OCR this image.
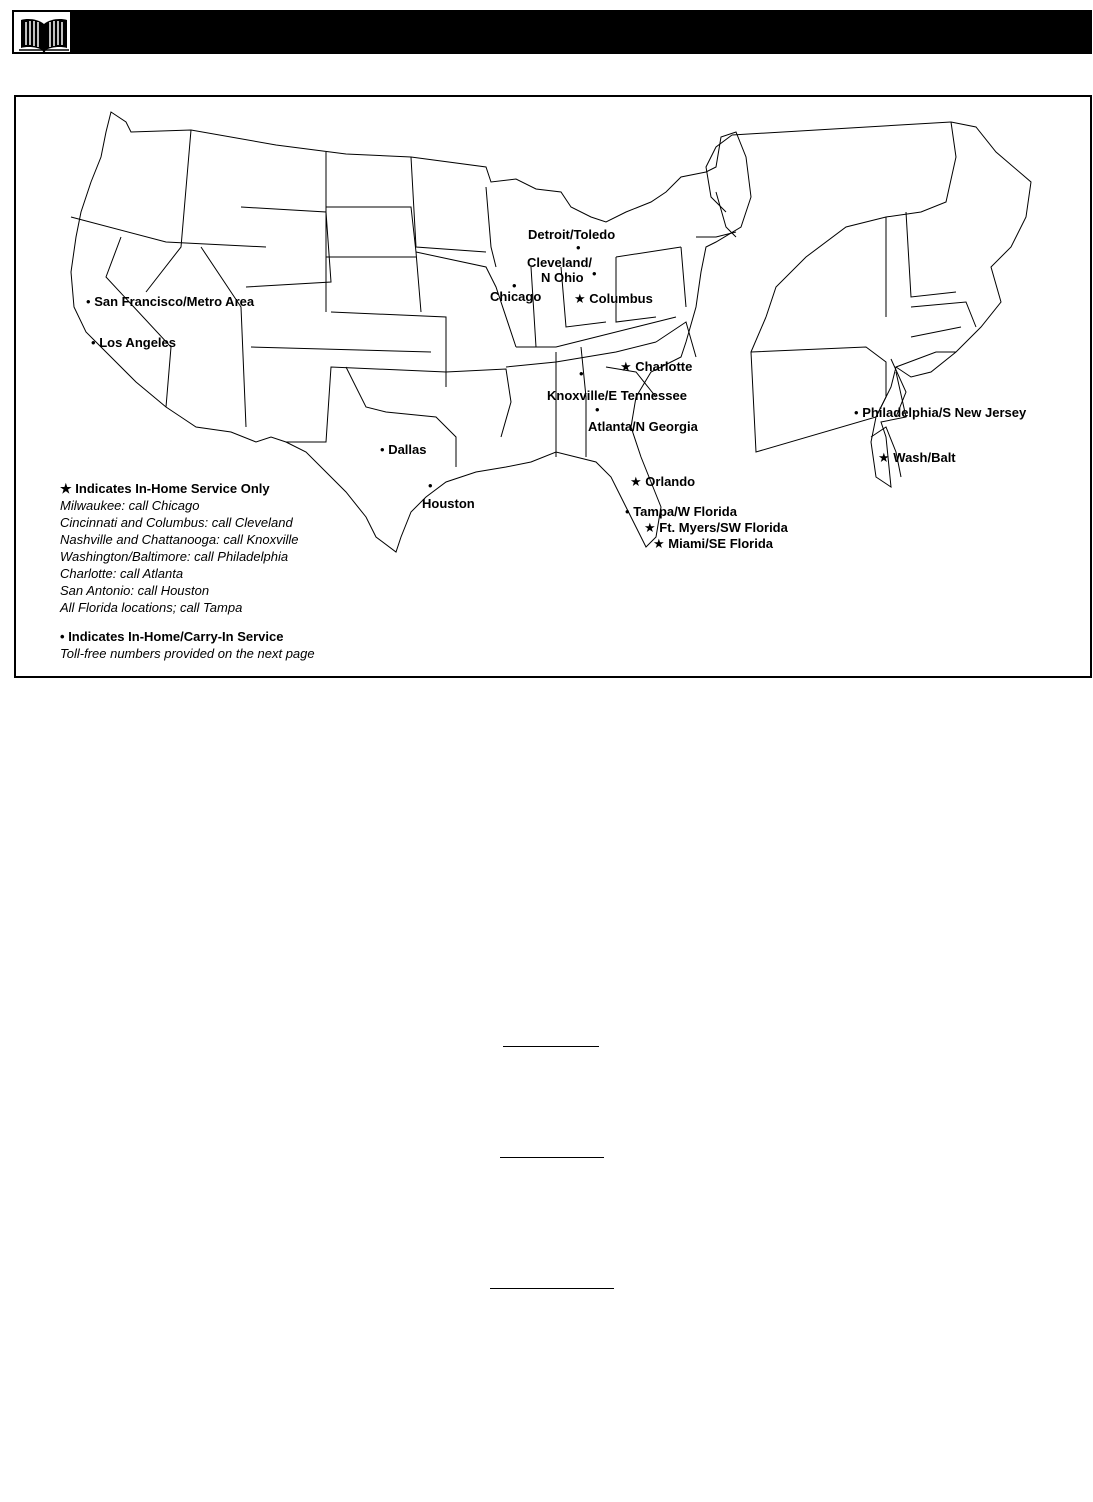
• San Francisco/Metro Area
• Los Angeles
•
Chicago
Detroit/Toledo
•
Cleveland/
N Ohio •
★ Columbus
★ Charlotte
•
Knoxville/E Tennessee
•
Atlanta/N Georgia
• Dallas
•
Houston
★ Orlando
• Tampa/W Florida
★ Ft. Myers/SW Florida
★ Miami/SE Florida
• Philadelphia/S New Jersey
★ Wash/Balt
★ Indicates In-Home Service Only
Milwaukee: call Chicago
Cincinnati and Columbus: call Cleveland
Nashville and Chattanooga: call Knoxville
Washington/Baltimore: call Philadelphia
Charlotte: call Atlanta
San Antonio: call Houston
All Florida locations; call Tampa
• Indicates In-Home/Carry-In Service
Toll-free numbers provided on the next page
